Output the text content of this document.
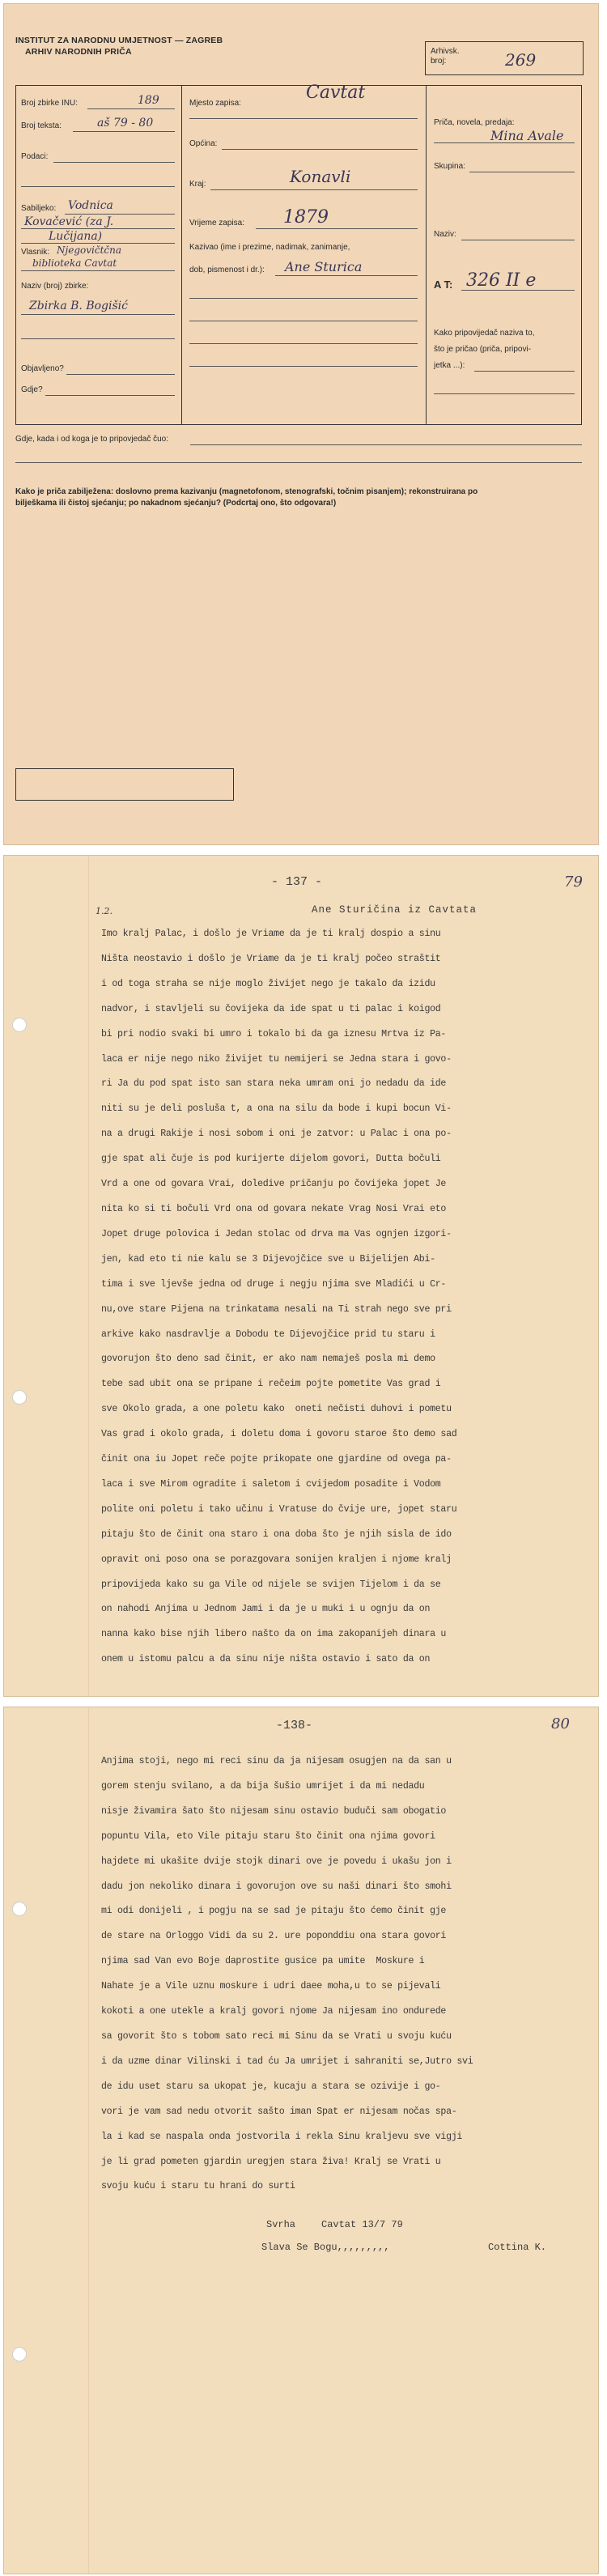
INSTITUT ZA NARODNU UMJETNOST — ZAGREB
ARHIV NARODNIH PRIČA	Arhivsk.
broj:	269
Broj zbirke INU:	189
Broj teksta:	aš 79 - 80
Podaci:
Sabiljeko: Vodnica
Kovačević (za J.
Lučijana)
Vlasnik: Njegovičtčna
biblioteka Cavtat
Naziv (broj) zbirke:
Zbirka B. Bogišić
Objavljeno?
Gdje?
Mjesto zapisa:
Cavtat
Općina:
Kraj:	Konavli
Vrijeme zapisa: 1879
Kazivao (ime i prezime, nadimak, zanimanje,
dob, pismenost i dr.): Ane Sturica
Priča, novela, predaja:
Mina Avale
Skupina:
Naziv:
A T: 326 II e
Kako pripovijedač naziva to,
što je pričao (priča, pripovi-
jetka ...):
Gdje, kada i od koga je to pripovjedač čuo:
Kako je priča zabilježena: doslovno prema kazivanju (magnetofonom, stenografski, točnim pisanjem); rekonstruirana po
bilješkama ili čistoj sjećanju; po nakadnom sjećanju? (Podcrtaj ono, što odgovara!)
- 137 -	79
1.2.	Ane Sturičina iz Cavtata
Imo kralj Palac, i došlo je Vriame da je ti kralj dospio a sinu
Ništa neostavio i došlo je Vriame da je ti kralj počeo straštit
i od toga straha se nije moglo živijet nego je takalo da izidu
nadvor, i stavljeli su čovijeka da ide spat u ti palac i koigod
bi pri nodio svaki bi umro i tokalo bi da ga iznesu Mrtva iz Pa-
laca er nije nego niko živijet tu nemijeri se Jedna stara i govo-
ri Ja du pod spat isto san stara neka umram oni jo nedadu da ide
niti su je deli posluša t, a ona na silu da bode i kupi bocun Vi-
na a drugi Rakije i nosi sobom i oni je zatvor: u Palac i ona po-
gje spat ali čuje is pod kurijerte dijelom govori, Dutta bočuli
Vrd a one od govara Vrai, doledive pričanju po čovijeka jopet Je
nita ko si ti bočuli Vrd ona od govara nekate Vrag Nosi Vrai eto
Jopet druge polovica i Jedan stolac od drva ma Vas ognjen izgori-
jen, kad eto ti nie kalu se 3 Dijevojčice sve u Bijelijen Abi-
tima i sve ljevše jedna od druge i negju njima sve Mladići u Cr-
nu,ove stare Pijena na trinkatama nesali na Ti strah nego sve pri
arkive kako nasdravlje a Dobodu te Dijevojčice prid tu staru i
govorujon što deno sad činit, er ako nam nemaješ posla mi demo
tebe sad ubit ona se pripane i rečeim pojte pometite Vas grad i
sve Okolo grada, a one poletu kako  oneti nečisti duhovi i pometu
Vas grad i okolo grada, i doletu doma i govoru staroe što demo sad
činit ona iu Jopet reče pojte prikopate one gjardine od ovega pa-
laca i sve Mirom ogradite i saletom i cvijedom posadite i Vodom
polite oni poletu i tako učinu i Vratuse do čvije ure, jopet staru
pitaju što de činit ona staro i ona doba što je njih sisla de ido
opravit oni poso ona se porazgovara sonijen kraljen i njome kralj
pripovijeda kako su ga Vile od nijele se svijen Tijelom i da se
on nahodi Anjima u Jednom Jami i da je u muki i u ognju da on
nanna kako bise njih libero našto da on ima zakopanijeh dinara u
onem u istomu palcu a da sinu nije ništa ostavio i sato da on
-138-	80
Anjima stoji, nego mi reci sinu da ja nijesam osugjen na da san u
gorem stenju svilano, a da bija šušio umrijet i da mi nedadu
nisje živamira šato što nijesam sinu ostavio buduči sam obogatio
popuntu Vila, eto Vile pitaju staru što činit ona njima govori
hajdete mi ukašite dvije stojk dinari ove je povedu i ukašu jon i
dadu jon nekoliko dinara i govorujon ove su naši dinari što smohi
mi odi donijeli , i pogju na se sad je pitaju što ćemo činit gje
de stare na Orloggo Vidi da su 2. ure poponddiu ona stara govori
njima sad Van evo Boje daprostite gusice pa umite  Moskure i
Nahate je a Vile uznu moskure i udri daee moha,u to se pijevali
kokoti a one utekle a kralj govori njome Ja nijesam ino ondurede
sa govorit što s tobom sato reci mi Sinu da se Vrati u svoju kuću
i da uzme dinar Vilinski i tad ću Ja umrijet i sahraniti se,Jutro svi
de idu uset staru sa ukopat je, kucaju a stara se ozivije i go-
vori je vam sad nedu otvorit sašto iman Spat er nijesam nočas spa-
la i kad se naspala onda jostvorila i rekla Sinu kraljevu sve vigji
je li grad pometen gjardin uregjen stara živa! Kralj se Vrati u
svoju kuću i staru tu hrani do surti
Svrha	Cavtat 13/7 79
Slava Se Bogu,,,,,,,,,	Cottina K.
